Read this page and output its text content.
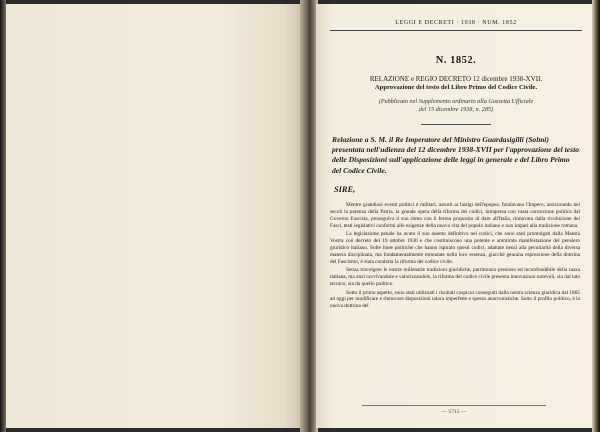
LEGGI E DECRETI · 1938 · NUM. 1852
N. 1852.
RELAZIONE e REGIO DECRETO 12 dicembre 1938-XVII.
Approvazione del testo del Libro Primo del Codice Civile.
(Pubblicato nel Supplemento ordinario alla Gazzetta Ufficiale
del 15 dicembre 1938, n. 285)
Relazione a S. M. il Re Imperatore del Ministro Guardasigilli (Solmi) presentata nell'udienza del 12 dicembre 1938-XVII per l'approvazione del testo delle Disposizioni sull'applicazione delle leggi in generale e del Libro Primo del Codice Civile.
SIRE,

Mentre grandiosi eventi politici e militari, assurti ai fastigi dell'epopea, fondavano l'Impero, assicurando nei secoli la potenza della Patria, la grande opera della riforma dei codici, intrapresa con vasta concezione politica dal Governo Fascista, proseguiva il suo ritmo con il fermo proposito di dare all'Italia, rinnovata dalla rivoluzione dei Fasci, testi legislativi conformi alle esigenze della nuova vita del popolo italiano e non impari alla tradizione romana.

La legislazione penale ha avuto il suo assetto definitivo nei codici, che sono stati promulgati dalla Maestà Vostra con decreto del 19 ottobre 1930 e che costituiscono una potente e ammirata manifestazione del pensiero giuridico italiano. Sulle linee politiche che hanno ispirato questi codici, adattate bensì alla peculiarità della diversa materia disciplinata, ma fondamentalmente immutate nella loro essenza, giacché genuina espressione della dottrina del Fascismo, è stata condotta la riforma del codice civile.

Senza travolgere le nostre millenarie tradizioni giuridiche, patrimonio prezioso ed inconfondibile della razza italiana, ma anzi ravvivandole e valorizzandole, la riforma del codice civile presenta innovazioni notevoli, sia dal lato tecnico, sia da quello politico.

Sotto il primo aspetto, sono stati utilizzati i risultati cospicui conseguiti dalla nostra scienza giuridica dal 1865 ad oggi per modificare e rinnovare disposizioni talora imperfette e spesso anacronistiche. Sotto il profilo politico, è la nuova dottrina del

— 5715 —
